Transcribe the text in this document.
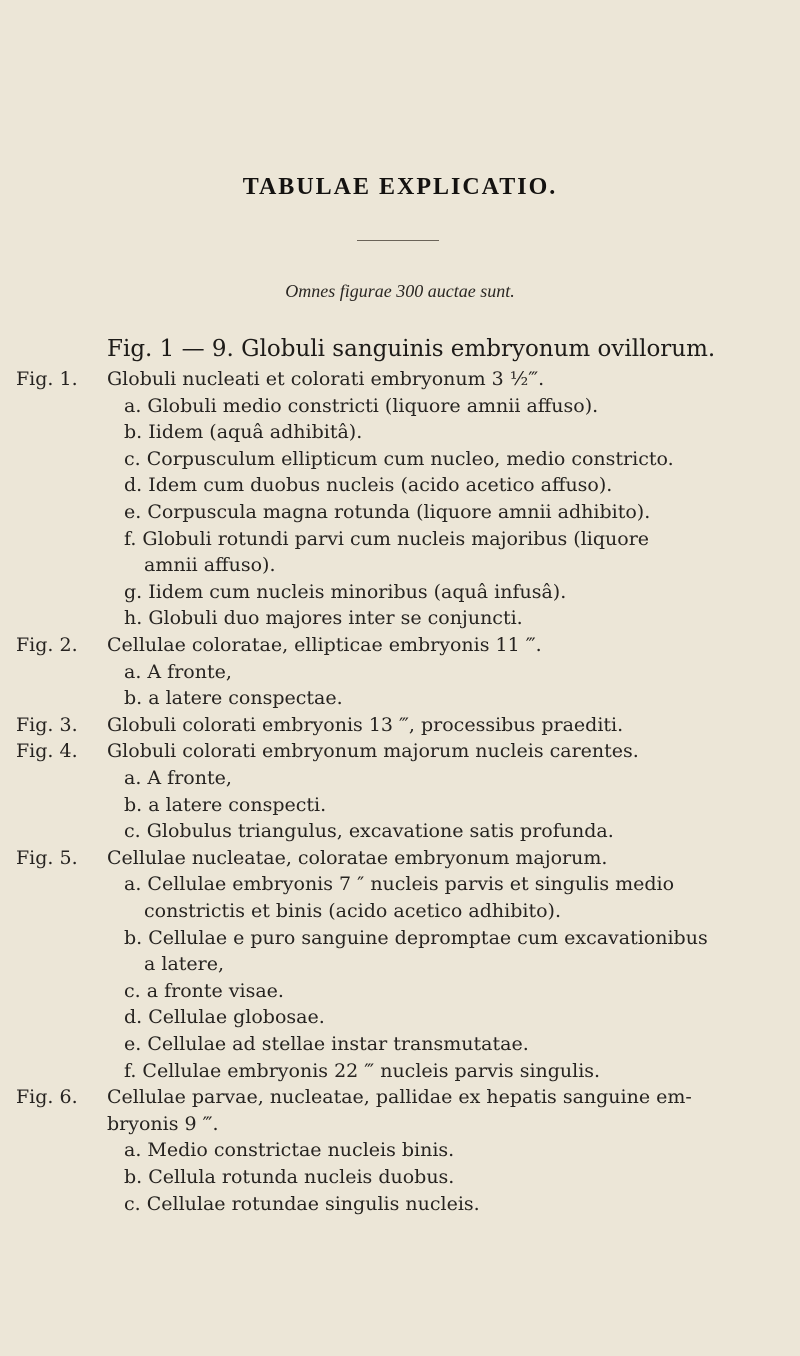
TABULAE EXPLICATIO.
Omnes figurae 300 auctae sunt.
Fig. 1 — 9. Globuli sanguinis embryonum ovillorum.
Fig. 1.	Globuli nucleati et colorati embryonum 3 ½‴.
a. Globuli medio constricti (liquore amnii affuso).
b. Iidem (aquâ adhibitâ).
c. Corpusculum ellipticum cum nucleo, medio constricto.
d. Idem cum duobus nucleis (acido acetico affuso).
e. Corpuscula magna rotunda (liquore amnii adhibito).
f. Globuli rotundi parvi cum nucleis majoribus (liquore
amnii affuso).
g. Iidem cum nucleis minoribus (aquâ infusâ).
h. Globuli duo majores inter se conjuncti.
Fig. 2.	Cellulae coloratae, ellipticae embryonis 11 ‴.
a. A fronte,
b. a latere conspectae.
Fig. 3.	Globuli colorati embryonis 13 ‴, processibus praediti.
Fig. 4.	Globuli colorati embryonum majorum nucleis carentes.
a. A fronte,
b. a latere conspecti.
c. Globulus triangulus, excavatione satis profunda.
Fig. 5.	Cellulae nucleatae, coloratae embryonum majorum.
a. Cellulae embryonis 7 ″ nucleis parvis et singulis medio
constrictis et binis (acido acetico adhibito).
b. Cellulae e puro sanguine depromptae cum excavationibus
a latere,
c. a fronte visae.
d. Cellulae globosae.
e. Cellulae ad stellae instar transmutatae.
f. Cellulae embryonis 22 ‴ nucleis parvis singulis.
Fig. 6.	Cellulae parvae, nucleatae, pallidae ex hepatis sanguine em-
bryonis 9 ‴.
a. Medio constrictae nucleis binis.
b. Cellula rotunda nucleis duobus.
c. Cellulae rotundae singulis nucleis.
